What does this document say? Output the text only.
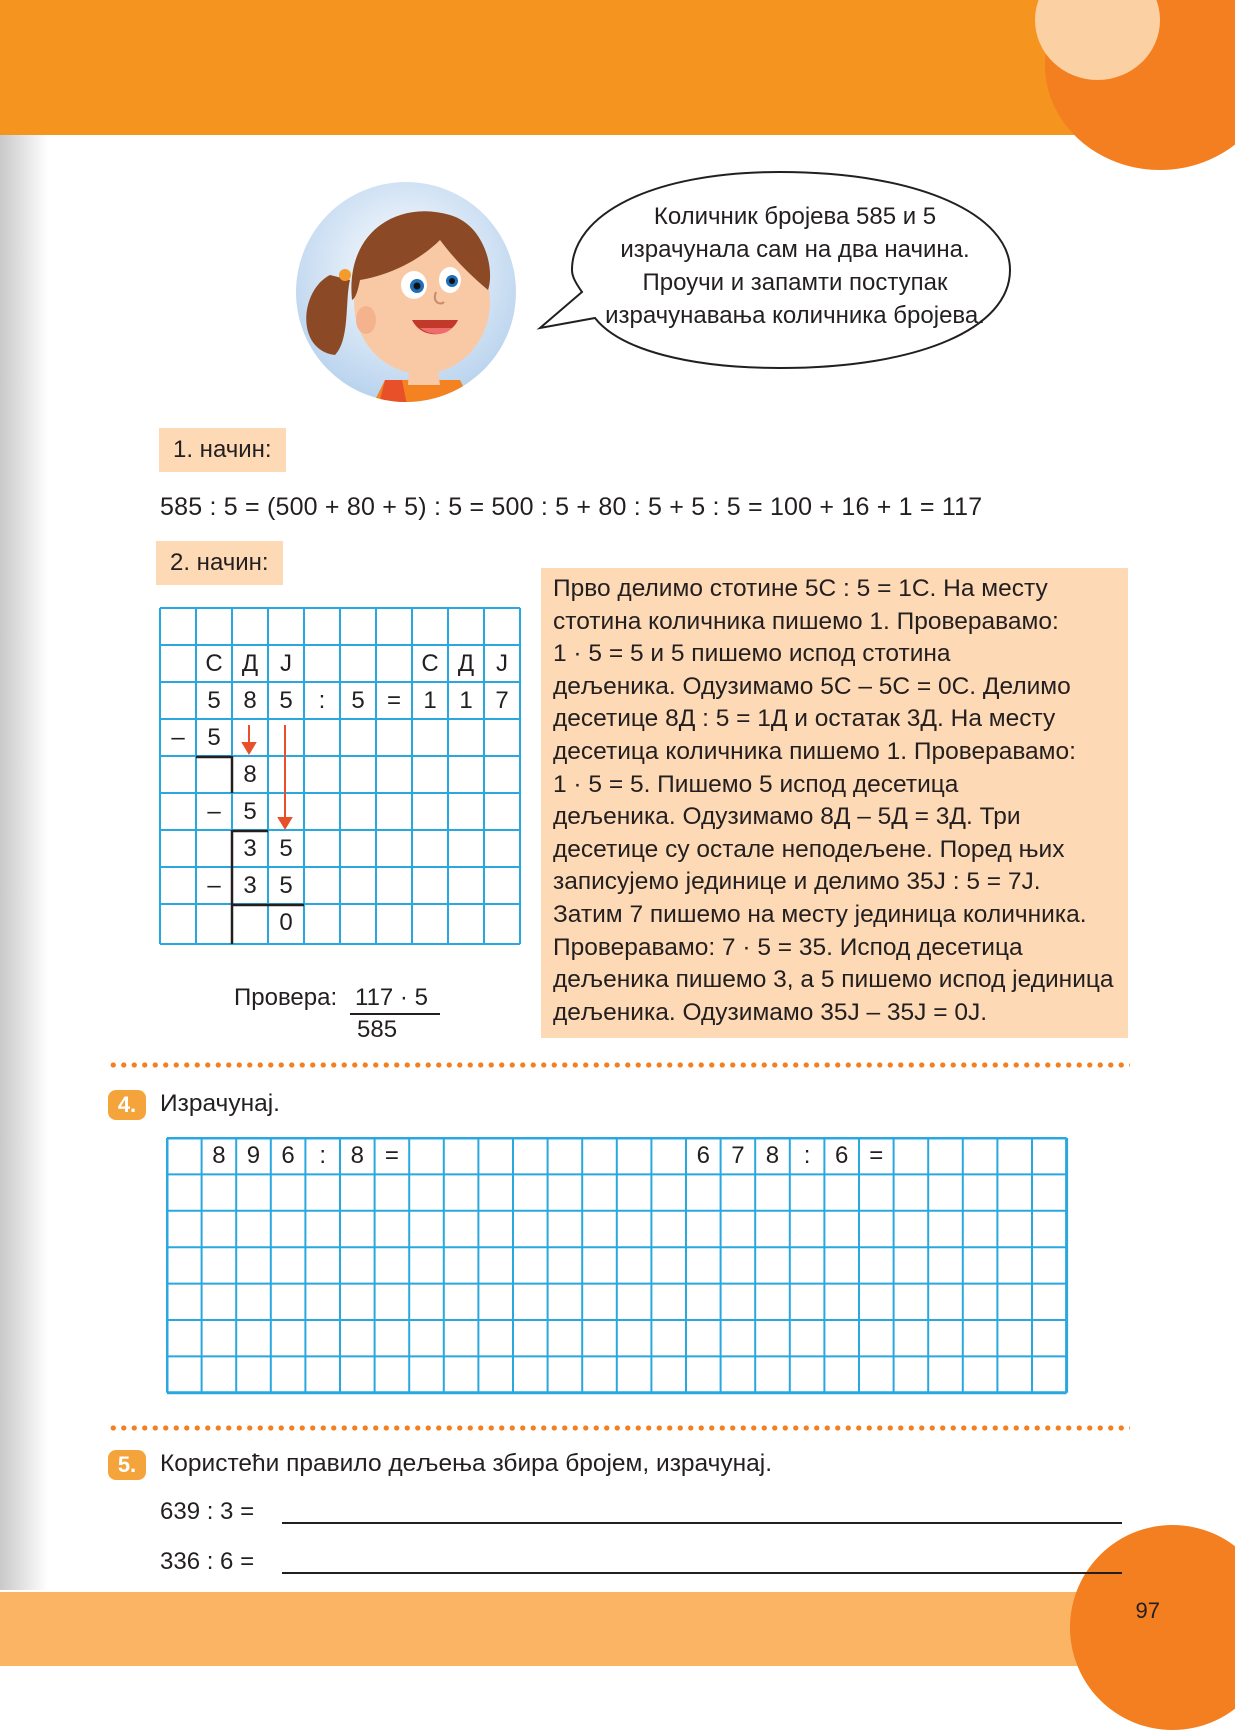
97
Количник бројева 585 и 5
израчунала сам на два начина.
Проучи и запамти поступак
израчунавања количника бројева.
1. начин:
585 : 5 = (500 + 80 + 5) : 5 = 500 : 5 + 80 : 5 + 5 : 5 = 100 + 16 + 1 = 117
2. начин:
С Д Ј	С Д Ј
5 8 5	:	5 = 1 1 7
– 5
8
– 5
3 5
– 3 5
0
Прво делимо стотине 5С : 5 = 1С. На месту
стотина количника пишемо 1. Проверавамо:
1 · 5 = 5 и 5 пишемо испод стотина
дељеника. Одузимамо 5С – 5С = 0С. Делимо
десетице 8Д : 5 = 1Д и остатак 3Д. На месту
десетица количника пишемо 1. Проверавамо:
1 · 5 = 5. Пишемо 5 испод десетица
дељеника. Одузимамо 8Д – 5Д = 3Д. Три
десетице су остале неподељене. Поред њих
записујемо јединице и делимо 35Ј : 5 = 7Ј.
Затим 7 пишемо на месту јединица количника.
Проверавамо: 7 · 5 = 35. Испод десетица
дељеника пишемо 3, а 5 пишемо испод јединица
дељеника. Одузимамо 35Ј – 35Ј = 0Ј.
Провера: 117 · 5
585
4. Израчунај.
8 9 6	:	8 =	6 7 8	:	6 =
5. Користећи правило дељења збира бројем, израчунај.
639 : 3 =
336 : 6 =
